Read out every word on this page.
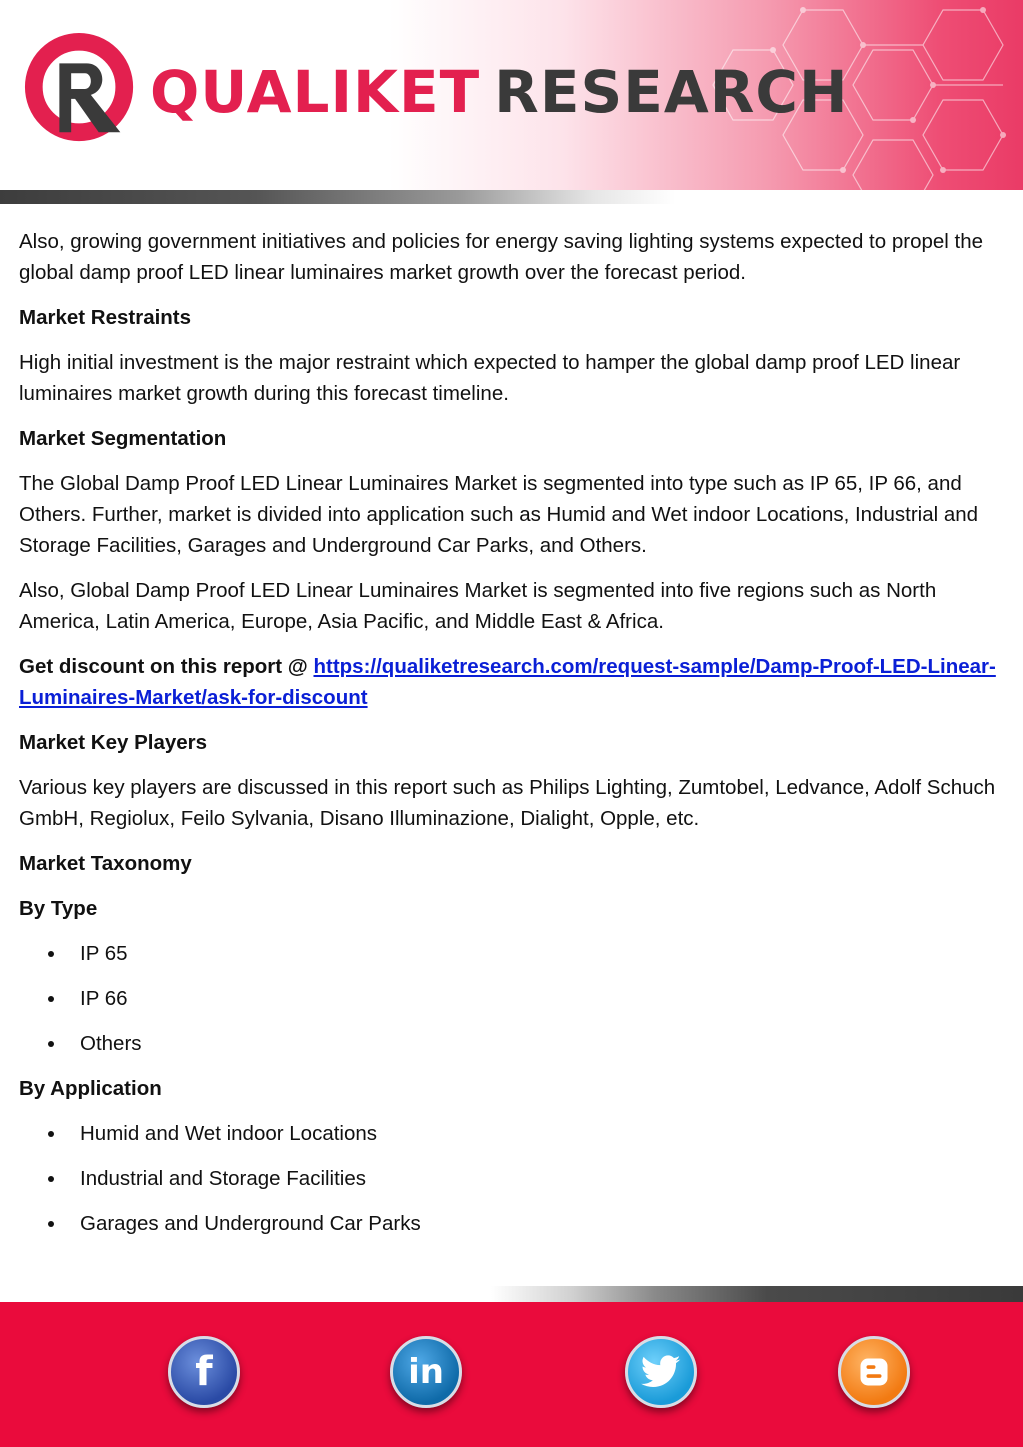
QUALIKET RESEARCH

Also, growing government initiatives and policies for energy saving lighting systems expected to propel the global damp proof LED linear luminaires market growth over the forecast period.

Market Restraints

High initial investment is the major restraint which expected to hamper the global damp proof LED linear luminaires market growth during this forecast timeline.

Market Segmentation

The Global Damp Proof LED Linear Luminaires Market is segmented into type such as IP 65, IP 66, and Others. Further, market is divided into application such as Humid and Wet indoor Locations, Industrial and Storage Facilities, Garages and Underground Car Parks, and Others.

Also, Global Damp Proof LED Linear Luminaires Market is segmented into five regions such as North America, Latin America, Europe, Asia Pacific, and Middle East & Africa.

Get discount on this report @ https://qualiketresearch.com/request-sample/Damp-Proof-LED-Linear-Luminaires-Market/ask-for-discount

Market Key Players

Various key players are discussed in this report such as Philips Lighting, Zumtobel, Ledvance, Adolf Schuch GmbH, Regiolux, Feilo Sylvania, Disano Illuminazione, Dialight, Opple, etc.

Market Taxonomy
By Type
IP 65
IP 66
Others
By Application
Humid and Wet indoor Locations
Industrial and Storage Facilities
Garages and Underground Car Parks
f	in
